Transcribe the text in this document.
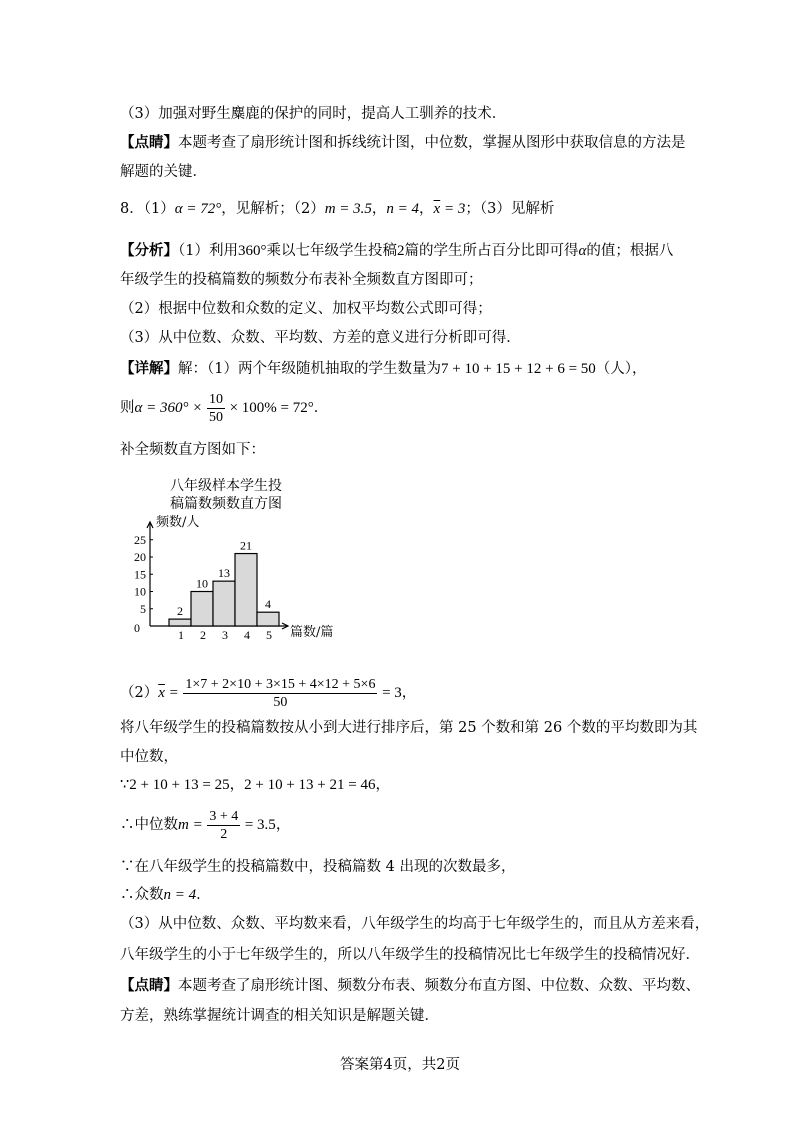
（3）加强对野生麋鹿的保护的同时，提高人工驯养的技术．
【点睛】本题考查了扇形统计图和拆线统计图，中位数，掌握从图形中获取信息的方法是
解题的关键．
8．（1）α = 72°，见解析；（2）m = 3.5，n = 4，$\overline{x} = 3$；（3）见解析
【分析】（1）利用360°乘以七年级学生投稿2篇的学生所占百分比即可得α的值；根据八
年级学生的投稿篇数的频数分布表补全频数直方图即可；
（2）根据中位数和众数的定义、加权平均数公式即可得；
（3）从中位数、众数、平均数、方差的意义进行分析即可得．
【详解】解：（1）两个年级随机抽取的学生数量为7 + 10 + 15 + 12 + 6 = 50（人），
则$\alpha = 360^\circ \times \frac{10}{50} \times 100\% = 72^\circ$．
补全频数直方图如下：
八年级样本学生投
稿篇数频数直方图
频数/人
篇数/篇
0
5
10
15
20
25
2
1
10
2
13
3
21
4
4
5
$(2)\overline{x} = \frac{1\times 7 + 2\times 10 + 3\times 15 + 4\times 12 + 5\times 6}{50} = 3$，
将八年级学生的投稿篇数按从小到大进行排序后，第 25 个数和第 26 个数的平均数即为其
中位数，
∵2 + 10 + 13 = 25，2 + 10 + 13 + 21 = 46，
∴中位数$m = \frac{3 + 4}{2} = 3.5$，
∵在八年级学生的投稿篇数中，投稿篇数 4 出现的次数最多，
∴众数n = 4．
（3）从中位数、众数、平均数来看，八年级学生的均高于七年级学生的，而且从方差来看，
八年级学生的小于七年级学生的，所以八年级学生的投稿情况比七年级学生的投稿情况好．
【点睛】本题考查了扇形统计图、频数分布表、频数分布直方图、中位数、众数、平均数、
方差，熟练掌握统计调查的相关知识是解题关键．
答案第4页，共2页
